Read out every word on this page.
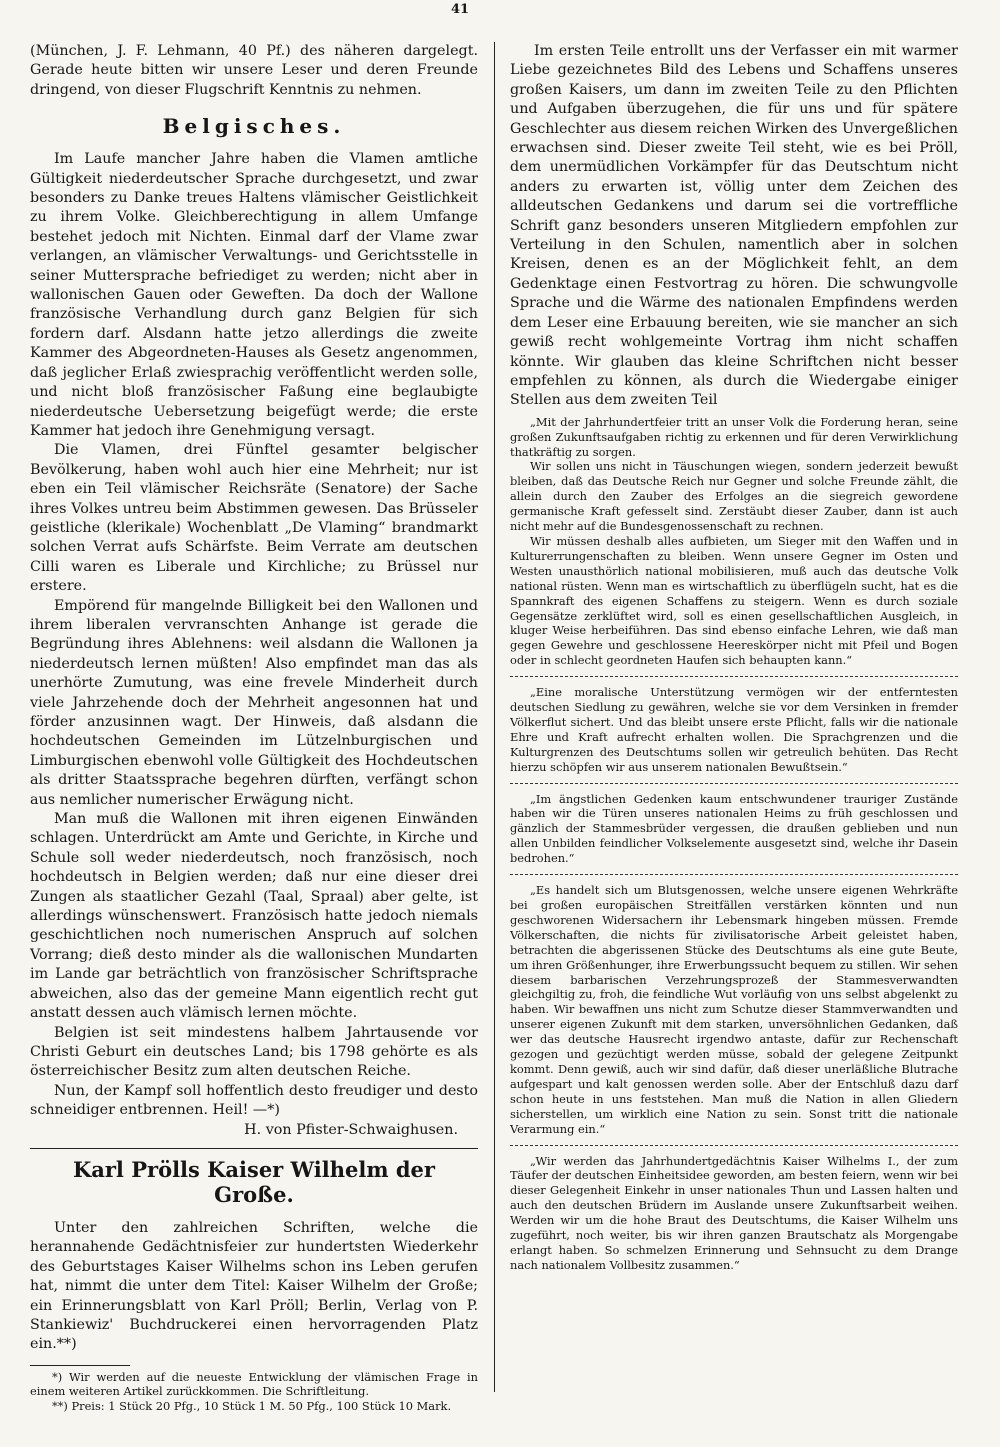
41

(München, J. F. Lehmann, 40 Pf.) des näheren dargelegt. Gerade heute bitten wir unsere Leser und deren Freunde dringend, von dieser Flugschrift Kenntnis zu nehmen.

Belgisches.

Im Laufe mancher Jahre haben die Vlamen amtliche Gültigkeit niederdeutscher Sprache durchgesetzt, und zwar besonders zu Danke treues Haltens vlämischer Geistlichkeit zu ihrem Volke. Gleichberechtigung in allem Umfange bestehet jedoch mit Nichten. Einmal darf der Vlame zwar verlangen, an vlämischer Verwaltungs- und Gerichtsstelle in seiner Muttersprache befriediget zu werden; nicht aber in wallonischen Gauen oder Geweften. Da doch der Wallone französische Verhandlung durch ganz Belgien für sich fordern darf. Alsdann hatte jetzo allerdings die zweite Kammer des Abgeordneten-Hauses als Gesetz angenommen, daß jeglicher Erlaß zwiesprachig veröffentlicht werden solle, und nicht bloß französischer Faßung eine beglaubigte niederdeutsche Uebersetzung beigefügt werde; die erste Kammer hat jedoch ihre Genehmigung versagt.

Die Vlamen, drei Fünftel gesamter belgischer Bevölkerung, haben wohl auch hier eine Mehrheit; nur ist eben ein Teil vlämischer Reichsräte (Senatore) der Sache ihres Volkes untreu beim Abstimmen gewesen. Das Brüsseler geistliche (klerikale) Wochenblatt „De Vlaming“ brandmarkt solchen Verrat aufs Schärfste. Beim Verrate am deutschen Cilli waren es Liberale und Kirchliche; zu Brüssel nur erstere.

Empörend für mangelnde Billigkeit bei den Wallonen und ihrem liberalen vervranschten Anhange ist gerade die Begründung ihres Ablehnens: weil alsdann die Wallonen ja niederdeutsch lernen müßten! Also empfindet man das als unerhörte Zumutung, was eine frevele Minderheit durch viele Jahrzehende doch der Mehrheit angesonnen hat und förder anzusinnen wagt. Der Hinweis, daß alsdann die hochdeutschen Gemeinden im Lützelnburgischen und Limburgischen ebenwohl volle Gültigkeit des Hochdeutschen als dritter Staatssprache begehren dürften, verfängt schon aus nemlicher numerischer Erwägung nicht.

Man muß die Wallonen mit ihren eigenen Einwänden schlagen. Unterdrückt am Amte und Gerichte, in Kirche und Schule soll weder niederdeutsch, noch französisch, noch hochdeutsch in Belgien werden; daß nur eine dieser drei Zungen als staatlicher Gezahl (Taal, Spraal) aber gelte, ist allerdings wünschenswert. Französisch hatte jedoch niemals geschichtlichen noch numerischen Anspruch auf solchen Vorrang; dieß desto minder als die wallonischen Mundarten im Lande gar beträchtlich von französischer Schriftsprache abweichen, also das der gemeine Mann eigentlich recht gut anstatt dessen auch vlämisch lernen möchte.

Belgien ist seit mindestens halbem Jahrtausende vor Christi Geburt ein deutsches Land; bis 1798 gehörte es als österreichischer Besitz zum alten deutschen Reiche.

Nun, der Kampf soll hoffentlich desto freudiger und desto schneidiger entbrennen. Heil! —*)

H. von Pfister-Schwaighusen.
Karl Prölls Kaiser Wilhelm der Große.

Unter den zahlreichen Schriften, welche die herannahende Gedächtnisfeier zur hundertsten Wiederkehr des Geburtstages Kaiser Wilhelms schon ins Leben gerufen hat, nimmt die unter dem Titel: Kaiser Wilhelm der Große; ein Erinnerungsblatt von Karl Pröll; Berlin, Verlag von P. Stankiewiz' Buchdruckerei einen hervorragenden Platz ein.**)

*) Wir werden auf die neueste Entwicklung der vlämischen Frage in einem weiteren Artikel zurückkommen. Die Schriftleitung.

**) Preis: 1 Stück 20 Pfg., 10 Stück 1 M. 50 Pfg., 100 Stück 10 Mark.

Im ersten Teile entrollt uns der Verfasser ein mit warmer Liebe gezeichnetes Bild des Lebens und Schaffens unseres großen Kaisers, um dann im zweiten Teile zu den Pflichten und Aufgaben überzugehen, die für uns und für spätere Geschlechter aus diesem reichen Wirken des Unvergeßlichen erwachsen sind. Dieser zweite Teil steht, wie es bei Pröll, dem unermüdlichen Vorkämpfer für das Deutschtum nicht anders zu erwarten ist, völlig unter dem Zeichen des alldeutschen Gedankens und darum sei die vortreffliche Schrift ganz besonders unseren Mitgliedern empfohlen zur Verteilung in den Schulen, namentlich aber in solchen Kreisen, denen es an der Möglichkeit fehlt, an dem Gedenktage einen Festvortrag zu hören. Die schwungvolle Sprache und die Wärme des nationalen Empfindens werden dem Leser eine Erbauung bereiten, wie sie mancher an sich gewiß recht wohlgemeinte Vortrag ihm nicht schaffen könnte. Wir glauben das kleine Schriftchen nicht besser empfehlen zu können, als durch die Wiedergabe einiger Stellen aus dem zweiten Teil

„Mit der Jahrhundertfeier tritt an unser Volk die Forderung heran, seine großen Zukunftsaufgaben richtig zu erkennen und für deren Verwirklichung thatkräftig zu sorgen.

Wir sollen uns nicht in Täuschungen wiegen, sondern jederzeit bewußt bleiben, daß das Deutsche Reich nur Gegner und solche Freunde zählt, die allein durch den Zauber des Erfolges an die siegreich gewordene germanische Kraft gefesselt sind. Zerstäubt dieser Zauber, dann ist auch nicht mehr auf die Bundesgenossenschaft zu rechnen.

Wir müssen deshalb alles aufbieten, um Sieger mit den Waffen und in Kulturerrungenschaften zu bleiben. Wenn unsere Gegner im Osten und Westen unausthörlich national mobilisieren, muß auch das deutsche Volk national rüsten. Wenn man es wirtschaftlich zu überflügeln sucht, hat es die Spannkraft des eigenen Schaffens zu steigern. Wenn es durch soziale Gegensätze zerklüftet wird, soll es einen gesellschaftlichen Ausgleich, in kluger Weise herbeiführen. Das sind ebenso einfache Lehren, wie daß man gegen Gewehre und geschlossene Heereskörper nicht mit Pfeil und Bogen oder in schlecht geordneten Haufen sich behaupten kann.“

„Eine moralische Unterstützung vermögen wir der entferntesten deutschen Siedlung zu gewähren, welche sie vor dem Versinken in fremder Völkerflut sichert. Und das bleibt unsere erste Pflicht, falls wir die nationale Ehre und Kraft aufrecht erhalten wollen. Die Sprachgrenzen und die Kulturgrenzen des Deutschtums sollen wir getreulich behüten. Das Recht hierzu schöpfen wir aus unserem nationalen Bewußtsein.“

„Im ängstlichen Gedenken kaum entschwundener trauriger Zustände haben wir die Türen unseres nationalen Heims zu früh geschlossen und gänzlich der Stammesbrüder vergessen, die draußen geblieben und nun allen Unbilden feindlicher Volkselemente ausgesetzt sind, welche ihr Dasein bedrohen.“

„Es handelt sich um Blutsgenossen, welche unsere eigenen Wehrkräfte bei großen europäischen Streitfällen verstärken könnten und nun geschworenen Widersachern ihr Lebensmark hingeben müssen. Fremde Völkerschaften, die nichts für zivilisatorische Arbeit geleistet haben, betrachten die abgerissenen Stücke des Deutschtums als eine gute Beute, um ihren Größenhunger, ihre Erwerbungssucht bequem zu stillen. Wir sehen diesem barbarischen Verzehrungsprozeß der Stammesverwandten gleichgiltig zu, froh, die feindliche Wut vorläufig von uns selbst abgelenkt zu haben. Wir bewaffnen uns nicht zum Schutze dieser Stammverwandten und unserer eigenen Zukunft mit dem starken, unversöhnlichen Gedanken, daß wer das deutsche Hausrecht irgendwo antaste, dafür zur Rechenschaft gezogen und gezüchtigt werden müsse, sobald der gelegene Zeitpunkt kommt. Denn gewiß, auch wir sind dafür, daß dieser unerläßliche Blutrache aufgespart und kalt genossen werden solle. Aber der Entschluß dazu darf schon heute in uns feststehen. Man muß die Nation in allen Gliedern sicherstellen, um wirklich eine Nation zu sein. Sonst tritt die nationale Verarmung ein.“

„Wir werden das Jahrhundertgedächtnis Kaiser Wilhelms I., der zum Täufer der deutschen Einheitsidee geworden, am besten feiern, wenn wir bei dieser Gelegenheit Einkehr in unser nationales Thun und Lassen halten und auch den deutschen Brüdern im Auslande unsere Zukunftsarbeit weihen. Werden wir um die hohe Braut des Deutschtums, die Kaiser Wilhelm uns zugeführt, noch weiter, bis wir ihren ganzen Brautschatz als Morgengabe erlangt haben. So schmelzen Erinnerung und Sehnsucht zu dem Drange nach nationalem Vollbesitz zusammen.“
